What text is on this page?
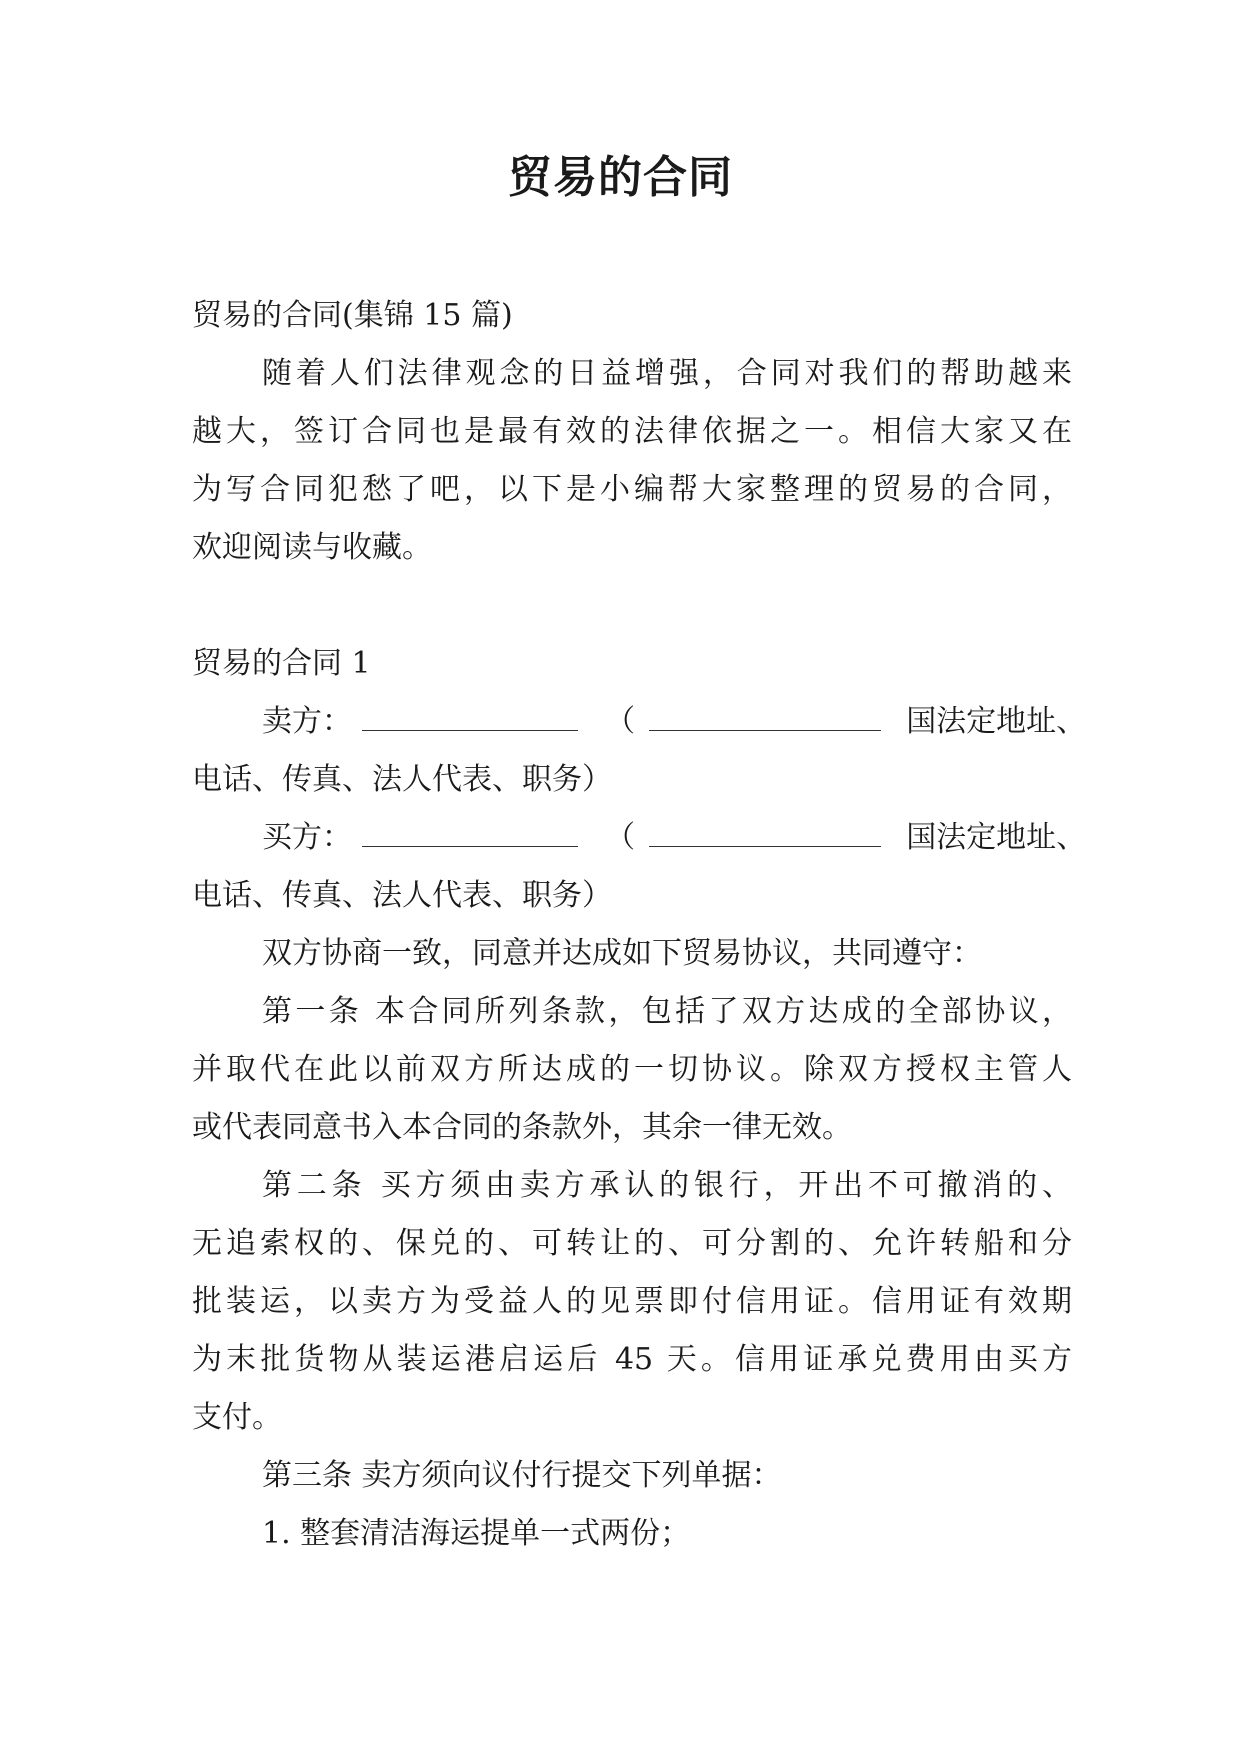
贸易的合同
贸易的合同(集锦 15 篇)
随着人们法律观念的日益增强，合同对我们的帮助越来
越大，签订合同也是最有效的法律依据之一。相信大家又在
为写合同犯愁了吧，以下是小编帮大家整理的贸易的合同，
欢迎阅读与收藏。
贸易的合同 1
卖方：	（	国法定地址、
电话、传真、法人代表、职务）
买方：	（	国法定地址、
电话、传真、法人代表、职务）
双方协商一致，同意并达成如下贸易协议，共同遵守：
第一条 本合同所列条款，包括了双方达成的全部协议，
并取代在此以前双方所达成的一切协议。除双方授权主管人
或代表同意书入本合同的条款外，其余一律无效。
第二条 买方须由卖方承认的银行，开出不可撤消的、
无追索权的、保兑的、可转让的、可分割的、允许转船和分
批装运，以卖方为受益人的见票即付信用证。信用证有效期
为末批货物从装运港启运后 45 天。信用证承兑费用由买方
支付。
第三条 卖方须向议付行提交下列单据：
1. 整套清洁海运提单一式两份；
